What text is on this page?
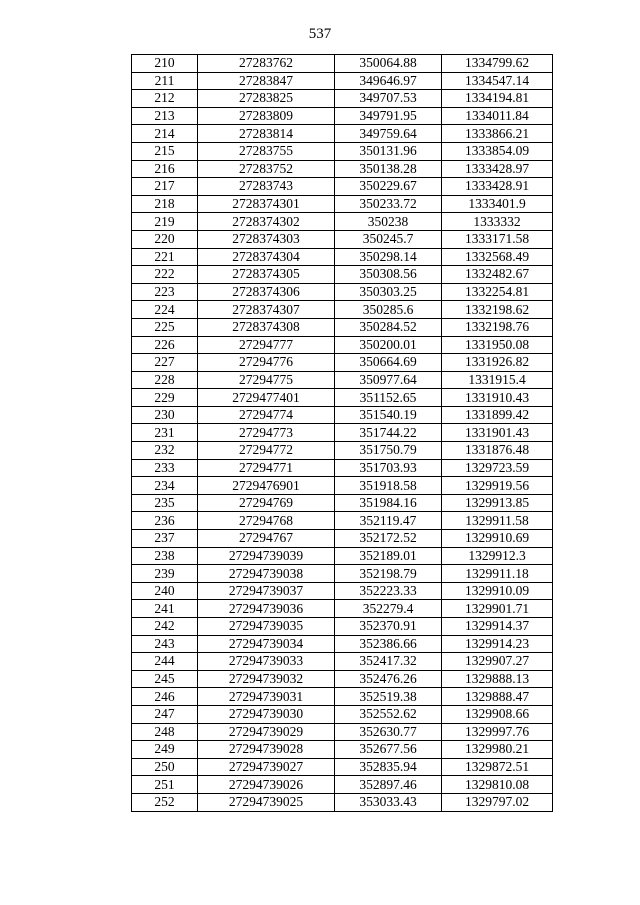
537
210	27283762	350064.88	1334799.62
211	27283847	349646.97	1334547.14
212	27283825	349707.53	1334194.81
213	27283809	349791.95	1334011.84
214	27283814	349759.64	1333866.21
215	27283755	350131.96	1333854.09
216	27283752	350138.28	1333428.97
217	27283743	350229.67	1333428.91
218	2728374301	350233.72	1333401.9
219	2728374302	350238	1333332
220	2728374303	350245.7	1333171.58
221	2728374304	350298.14	1332568.49
222	2728374305	350308.56	1332482.67
223	2728374306	350303.25	1332254.81
224	2728374307	350285.6	1332198.62
225	2728374308	350284.52	1332198.76
226	27294777	350200.01	1331950.08
227	27294776	350664.69	1331926.82
228	27294775	350977.64	1331915.4
229	2729477401	351152.65	1331910.43
230	27294774	351540.19	1331899.42
231	27294773	351744.22	1331901.43
232	27294772	351750.79	1331876.48
233	27294771	351703.93	1329723.59
234	2729476901	351918.58	1329919.56
235	27294769	351984.16	1329913.85
236	27294768	352119.47	1329911.58
237	27294767	352172.52	1329910.69
238	27294739039	352189.01	1329912.3
239	27294739038	352198.79	1329911.18
240	27294739037	352223.33	1329910.09
241	27294739036	352279.4	1329901.71
242	27294739035	352370.91	1329914.37
243	27294739034	352386.66	1329914.23
244	27294739033	352417.32	1329907.27
245	27294739032	352476.26	1329888.13
246	27294739031	352519.38	1329888.47
247	27294739030	352552.62	1329908.66
248	27294739029	352630.77	1329997.76
249	27294739028	352677.56	1329980.21
250	27294739027	352835.94	1329872.51
251	27294739026	352897.46	1329810.08
252	27294739025	353033.43	1329797.02
